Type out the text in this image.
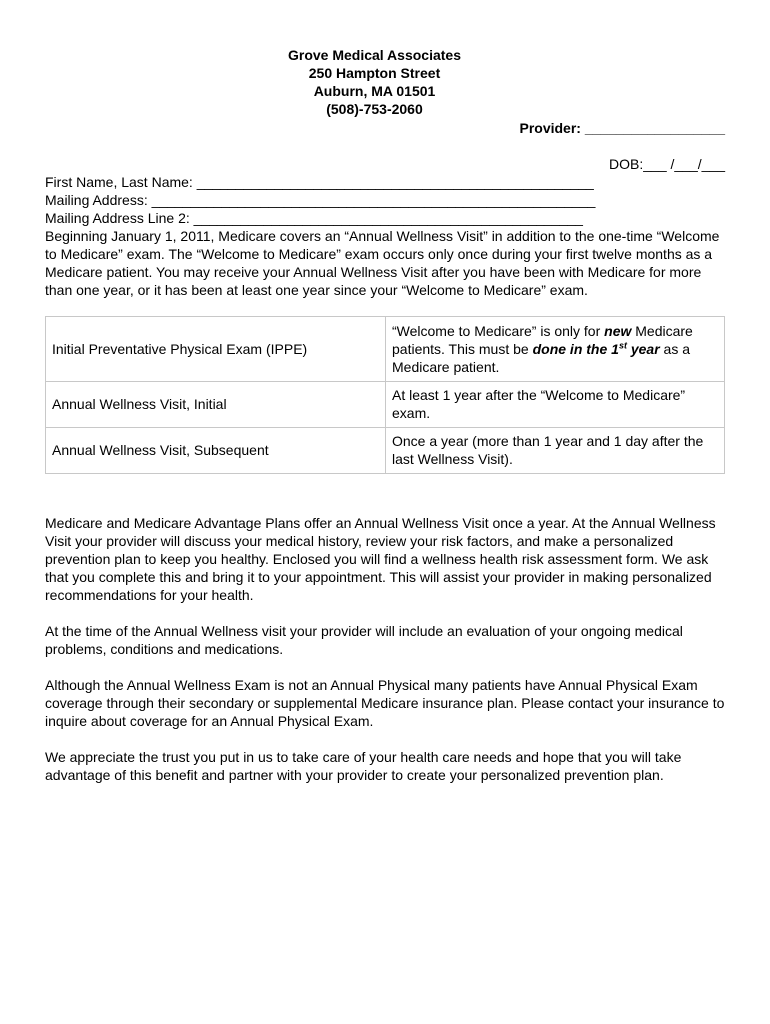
Grove Medical Associates
250 Hampton Street
Auburn, MA 01501
(508)-753-2060
Provider: __________________
DOB:___ /___/___
First Name, Last Name: ___________________________________________________
Mailing Address: _________________________________________________________
Mailing Address Line 2: __________________________________________________

Beginning January 1, 2011, Medicare covers an “Annual Wellness Visit” in addition to the one-time “Welcome to Medicare” exam. The “Welcome to Medicare” exam occurs only once during your first twelve months as a Medicare patient. You may receive your Annual Wellness Visit after you have been with Medicare for more than one year, or it has been at least one year since your “Welcome to Medicare” exam.

Initial Preventative Physical Exam (IPPE)	“Welcome to Medicare” is only for new Medicare patients. This must be done in the 1st year as a Medicare patient.
Annual Wellness Visit, Initial	At least 1 year after the “Welcome to Medicare” exam.
Annual Wellness Visit, Subsequent	Once a year (more than 1 year and 1 day after the last Wellness Visit).

Medicare and Medicare Advantage Plans offer an Annual Wellness Visit once a year. At the Annual Wellness Visit your provider will discuss your medical history, review your risk factors, and make a personalized prevention plan to keep you healthy. Enclosed you will find a wellness health risk assessment form. We ask that you complete this and bring it to your appointment. This will assist your provider in making personalized recommendations for your health.

At the time of the Annual Wellness visit your provider will include an evaluation of your ongoing medical problems, conditions and medications.

Although the Annual Wellness Exam is not an Annual Physical many patients have Annual Physical Exam coverage through their secondary or supplemental Medicare insurance plan. Please contact your insurance to inquire about coverage for an Annual Physical Exam.

We appreciate the trust you put in us to take care of your health care needs and hope that you will take advantage of this benefit and partner with your provider to create your personalized prevention plan.
